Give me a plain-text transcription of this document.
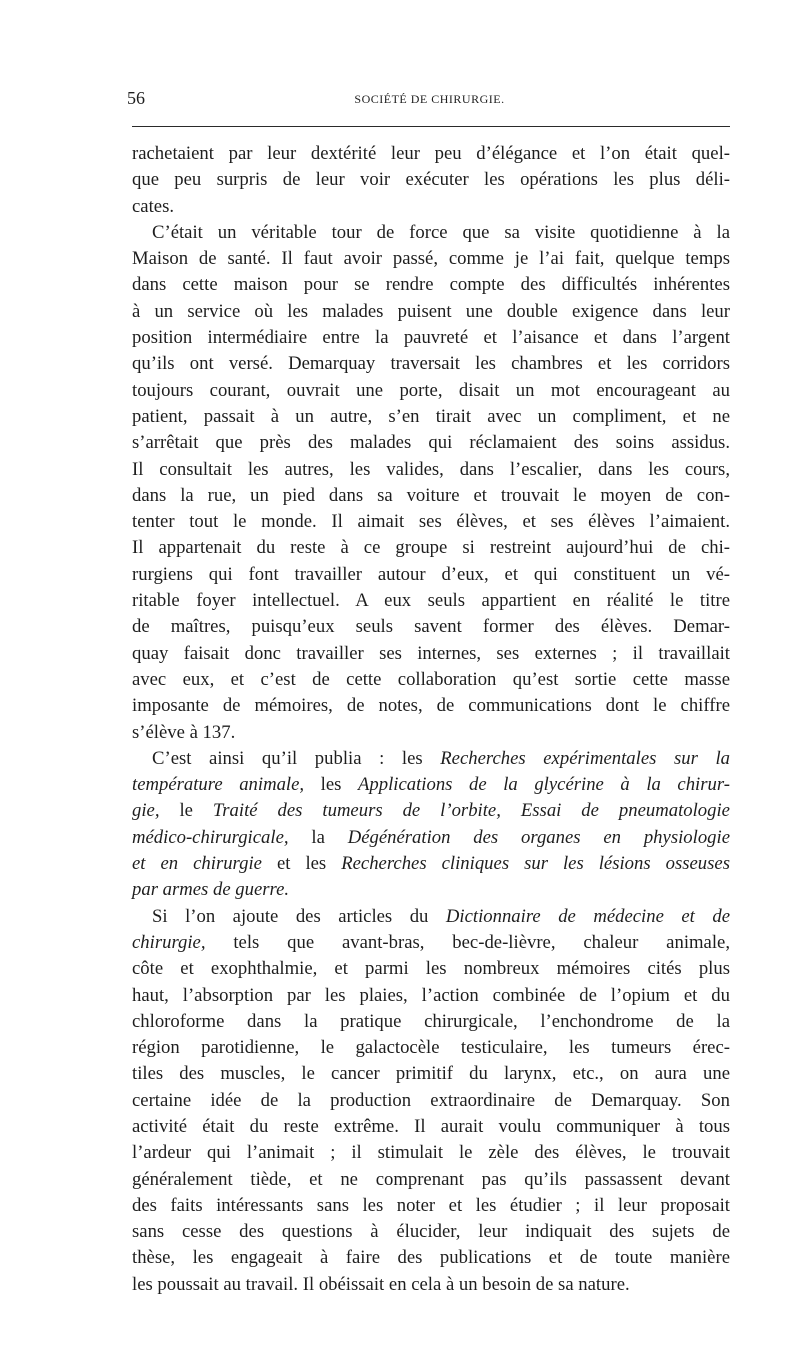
56	SOCIÉTÉ DE CHIRURGIE.
rachetaient par leur dextérité leur peu d’élégance et l’on était quel-
que peu surpris de leur voir exécuter les opérations les plus déli-
cates.
C’était un véritable tour de force que sa visite quotidienne à la
Maison de santé. Il faut avoir passé, comme je l’ai fait, quelque temps
dans cette maison pour se rendre compte des difficultés inhérentes
à un service où les malades puisent une double exigence dans leur
position intermédiaire entre la pauvreté et l’aisance et dans l’argent
qu’ils ont versé. Demarquay traversait les chambres et les corridors
toujours courant, ouvrait une porte, disait un mot encourageant au
patient, passait à un autre, s’en tirait avec un compliment, et ne
s’arrêtait que près des malades qui réclamaient des soins assidus.
Il consultait les autres, les valides, dans l’escalier, dans les cours,
dans la rue, un pied dans sa voiture et trouvait le moyen de con-
tenter tout le monde. Il aimait ses élèves, et ses élèves l’aimaient.
Il appartenait du reste à ce groupe si restreint aujourd’hui de chi-
rurgiens qui font travailler autour d’eux, et qui constituent un vé-
ritable foyer intellectuel. A eux seuls appartient en réalité le titre
de maîtres, puisqu’eux seuls savent former des élèves. Demar-
quay faisait donc travailler ses internes, ses externes ; il travaillait
avec eux, et c’est de cette collaboration qu’est sortie cette masse
imposante de mémoires, de notes, de communications dont le chiffre
s’élève à 137.
C’est ainsi qu’il publia : les Recherches expérimentales sur la
température animale, les Applications de la glycérine à la chirur-
gie, le Traité des tumeurs de l’orbite, Essai de pneumatologie
médico-chirurgicale, la Dégénération des organes en physiologie
et en chirurgie et les Recherches cliniques sur les lésions osseuses
par armes de guerre.
Si l’on ajoute des articles du Dictionnaire de médecine et de
chirurgie, tels que avant-bras, bec-de-lièvre, chaleur animale,
côte et exophthalmie, et parmi les nombreux mémoires cités plus
haut, l’absorption par les plaies, l’action combinée de l’opium et du
chloroforme dans la pratique chirurgicale, l’enchondrome de la
région parotidienne, le galactocèle testiculaire, les tumeurs érec-
tiles des muscles, le cancer primitif du larynx, etc., on aura une
certaine idée de la production extraordinaire de Demarquay. Son
activité était du reste extrême. Il aurait voulu communiquer à tous
l’ardeur qui l’animait ; il stimulait le zèle des élèves, le trouvait
généralement tiède, et ne comprenant pas qu’ils passassent devant
des faits intéressants sans les noter et les étudier ; il leur proposait
sans cesse des questions à élucider, leur indiquait des sujets de
thèse, les engageait à faire des publications et de toute manière
les poussait au travail. Il obéissait en cela à un besoin de sa nature.
